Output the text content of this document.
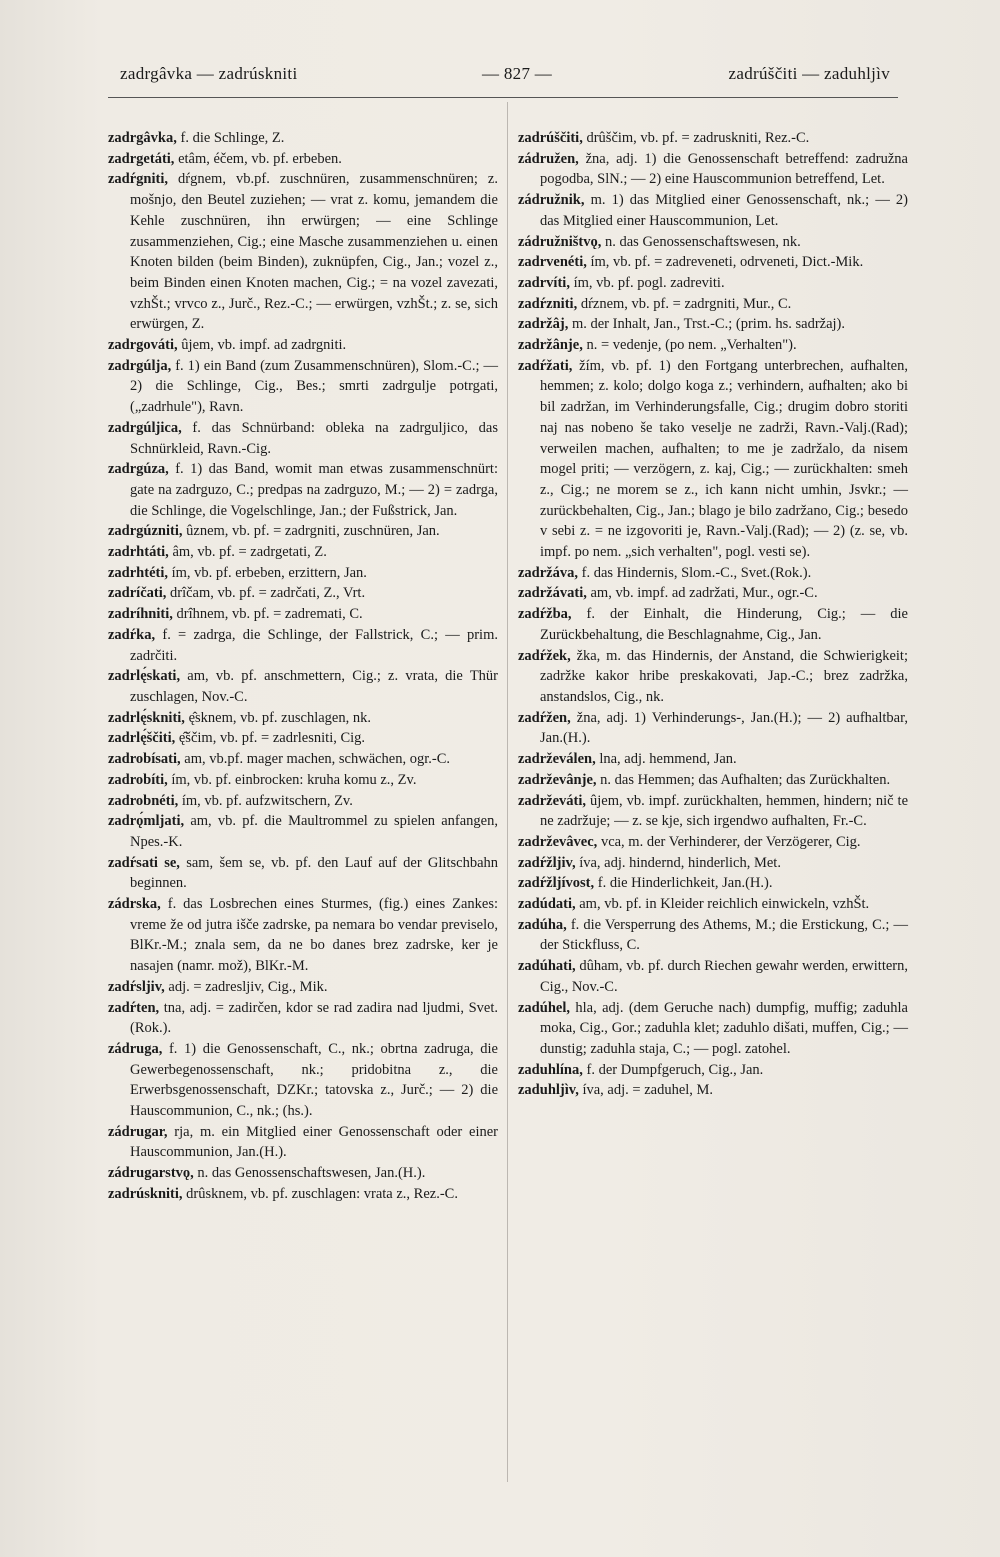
zadrgâvka — zadrúskniti	— 827 —	zadrúščiti — zaduhljìv

zadrgâvka, f. die Schlinge, Z.

zadrgetáti, etâm, éčem, vb. pf. erbeben.

zadŕgniti, dŕgnem, vb.pf. zuschnüren, zusammenschnüren; z. mošnjo, den Beutel zuziehen; — vrat z. komu, jemandem die Kehle zuschnüren, ihn erwürgen; — eine Schlinge zusammenziehen, Cig.; eine Masche zusammenziehen u. einen Knoten bilden (beim Binden), zuknüpfen, Cig., Jan.; vozel z., beim Binden einen Knoten machen, Cig.; = na vozel zavezati, vzhŠt.; vrvco z., Jurč., Rez.-C.; — erwürgen, vzhŠt.; z. se, sich erwürgen, Z.

zadrgováti, ûjem, vb. impf. ad zadrgniti.

zadrgúlja, f. 1) ein Band (zum Zusammenschnüren), Slom.-C.; — 2) die Schlinge, Cig., Bes.; smrti zadrgulje potrgati, („zadrhule"), Ravn.

zadrgúljica, f. das Schnürband: obleka na zadrguljico, das Schnürkleid, Ravn.-Cig.

zadrgúza, f. 1) das Band, womit man etwas zusammenschnürt: gate na zadrguzo, C.; predpas na zadrguzo, M.; — 2) = zadrga, die Schlinge, die Vogelschlinge, Jan.; der Fußstrick, Jan.

zadrgúzniti, ûznem, vb. pf. = zadrgniti, zuschnüren, Jan.

zadrhtáti, âm, vb. pf. = zadrgetati, Z.

zadrhtéti, ím, vb. pf. erbeben, erzittern, Jan.

zadríčati, drîčam, vb. pf. = zadrčati, Z., Vrt.

zadríhniti, drîhnem, vb. pf. = zadremati, C.

zadŕka, f. = zadrga, die Schlinge, der Fallstrick, C.; — prim. zadrčiti.

zadrlę́skati, am, vb. pf. anschmettern, Cig.; z. vrata, die Thür zuschlagen, Nov.-C.

zadrlę́skniti, ę̂sknem, vb. pf. zuschlagen, nk.

zadrlę́ščiti, ę̂ščim, vb. pf. = zadrlesniti, Cig.

zadrobísati, am, vb.pf. mager machen, schwächen, ogr.-C.

zadrobíti, ím, vb. pf. einbrocken: kruha komu z., Zv.

zadrobnéti, ím, vb. pf. aufzwitschern, Zv.

zadrǫ́mljati, am, vb. pf. die Maultrommel zu spielen anfangen, Npes.-K.

zadŕsati se, sam, šem se, vb. pf. den Lauf auf der Glitschbahn beginnen.

zádrska, f. das Losbrechen eines Sturmes, (fig.) eines Zankes: vreme že od jutra išče zadrske, pa nemara bo vendar previselo, BlKr.-M.; znala sem, da ne bo danes brez zadrske, ker je nasajen (namr. mož), BlKr.-M.

zadŕsljiv, adj. = zadresljiv, Cig., Mik.

zadŕten, tna, adj. = zadirčen, kdor se rad zadira nad ljudmi, Svet.(Rok.).

zádruga, f. 1) die Genossenschaft, C., nk.; obrtna zadruga, die Gewerbegenossenschaft, nk.; pridobitna z., die Erwerbsgenossenschaft, DZKr.; tatovska z., Jurč.; — 2) die Hauscommunion, C., nk.; (hs.).

zádrugar, rja, m. ein Mitglied einer Genossenschaft oder einer Hauscommunion, Jan.(H.).

zádrugarstvǫ, n. das Genossenschaftswesen, Jan.(H.).

zadrúskniti, drûsknem, vb. pf. zuschlagen: vrata z., Rez.-C.

zadrúščiti, drûščim, vb. pf. = zadruskniti, Rez.-C.

zádružen, žna, adj. 1) die Genossenschaft betreffend: zadružna pogodba, SlN.; — 2) eine Hauscommunion betreffend, Let.

zádružnik, m. 1) das Mitglied einer Genossenschaft, nk.; — 2) das Mitglied einer Hauscommunion, Let.

zádružništvǫ, n. das Genossenschaftswesen, nk.

zadrvenéti, ím, vb. pf. = zadreveneti, odrveneti, Dict.-Mik.

zadrvíti, ím, vb. pf. pogl. zadreviti.

zadŕzniti, dŕznem, vb. pf. = zadrgniti, Mur., C.

zadržâj, m. der Inhalt, Jan., Trst.-C.; (prim. hs. sadržaj).

zadržânje, n. = vedenje, (po nem. „Verhalten").

zadŕžati, žím, vb. pf. 1) den Fortgang unterbrechen, aufhalten, hemmen; z. kolo; dolgo koga z.; verhindern, aufhalten; ako bi bil zadržan, im Verhinderungsfalle, Cig.; drugim dobro storiti naj nas nobeno še tako veselje ne zadrži, Ravn.-Valj.(Rad); verweilen machen, aufhalten; to me je zadržalo, da nisem mogel priti; — verzögern, z. kaj, Cig.; — zurückhalten: smeh z., Cig.; ne morem se z., ich kann nicht umhin, Jsvkr.; — zurückbehalten, Cig., Jan.; blago je bilo zadržano, Cig.; besedo v sebi z. = ne izgovoriti je, Ravn.-Valj.(Rad); — 2) (z. se, vb. impf. po nem. „sich verhalten", pogl. vesti se).

zadržáva, f. das Hindernis, Slom.-C., Svet.(Rok.).

zadržávati, am, vb. impf. ad zadržati, Mur., ogr.-C.

zadŕžba, f. der Einhalt, die Hinderung, Cig.; — die Zurückbehaltung, die Beschlagnahme, Cig., Jan.

zadŕžek, žka, m. das Hindernis, der Anstand, die Schwierigkeit; zadržke kakor hribe preskakovati, Jap.-C.; brez zadržka, anstandslos, Cig., nk.

zadŕžen, žna, adj. 1) Verhinderungs-, Jan.(H.); — 2) aufhaltbar, Jan.(H.).

zadrževálen, lna, adj. hemmend, Jan.

zadrževânje, n. das Hemmen; das Aufhalten; das Zurückhalten.

zadrževáti, ûjem, vb. impf. zurückhalten, hemmen, hindern; nič te ne zadržuje; — z. se kje, sich irgendwo aufhalten, Fr.-C.

zadrževâvec, vca, m. der Verhinderer, der Verzögerer, Cig.

zadŕžljiv, íva, adj. hindernd, hinderlich, Met.

zadŕžljívost, f. die Hinderlichkeit, Jan.(H.).

zadúdati, am, vb. pf. in Kleider reichlich einwickeln, vzhŠt.

zadúha, f. die Versperrung des Athems, M.; die Erstickung, C.; — der Stickfluss, C.

zadúhati, dûham, vb. pf. durch Riechen gewahr werden, erwittern, Cig., Nov.-C.

zadúhel, hla, adj. (dem Geruche nach) dumpfig, muffig; zaduhla moka, Cig., Gor.; zaduhla klet; zaduhlo dišati, muffen, Cig.; — dunstig; zaduhla staja, C.; — pogl. zatohel.

zaduhlína, f. der Dumpfgeruch, Cig., Jan.

zaduhljìv, íva, adj. = zaduhel, M.
